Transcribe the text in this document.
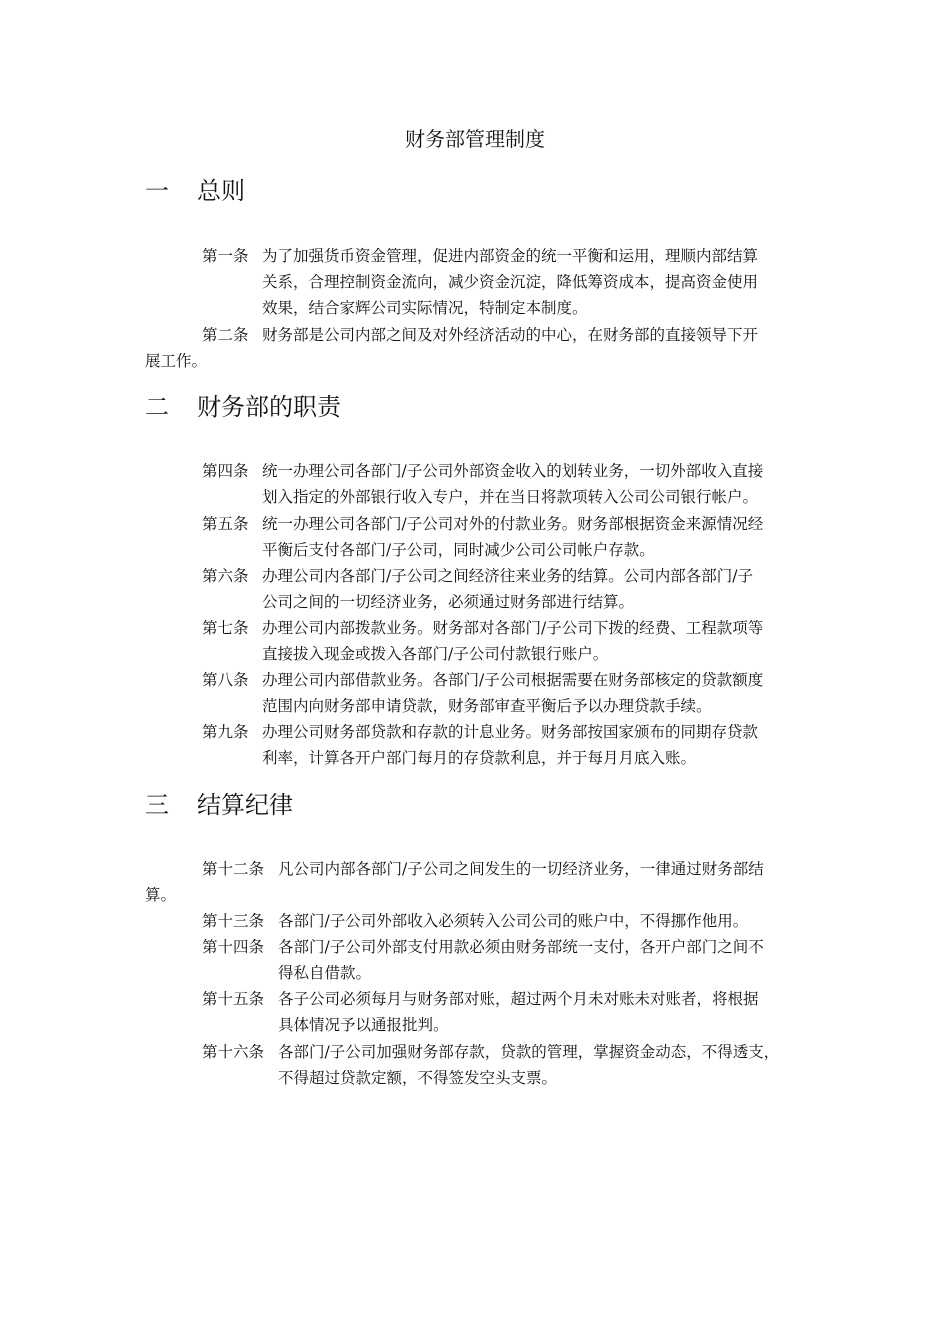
财务部管理制度
一 总则
第一条 为了加强货币资金管理，促进内部资金的统一平衡和运用，理顺内部结算
关系，合理控制资金流向，减少资金沉淀，降低筹资成本，提高资金使用
效果，结合家辉公司实际情况，特制定本制度。
第二条 财务部是公司内部之间及对外经济活动的中心，在财务部的直接领导下开
展工作。
二 财务部的职责
第四条 统一办理公司各部门/子公司外部资金收入的划转业务，一切外部收入直接
划入指定的外部银行收入专户，并在当日将款项转入公司公司银行帐户。
第五条 统一办理公司各部门/子公司对外的付款业务。财务部根据资金来源情况经
平衡后支付各部门/子公司，同时减少公司公司帐户存款。
第六条 办理公司内各部门/子公司之间经济往来业务的结算。公司内部各部门/子
公司之间的一切经济业务，必须通过财务部进行结算。
第七条 办理公司内部拨款业务。财务部对各部门/子公司下拨的经费、工程款项等
直接拔入现金或拨入各部门/子公司付款银行账户。
第八条 办理公司内部借款业务。各部门/子公司根据需要在财务部核定的贷款额度
范围内向财务部申请贷款，财务部审查平衡后予以办理贷款手续。
第九条 办理公司财务部贷款和存款的计息业务。财务部按国家颁布的同期存贷款
利率，计算各开户部门每月的存贷款利息，并于每月月底入账。
三 结算纪律
第十二条 凡公司内部各部门/子公司之间发生的一切经济业务，一律通过财务部结
算。
第十三条 各部门/子公司外部收入必须转入公司公司的账户中，不得挪作他用。
第十四条 各部门/子公司外部支付用款必须由财务部统一支付，各开户部门之间不
得私自借款。
第十五条 各子公司必须每月与财务部对账，超过两个月未对账未对账者，将根据
具体情况予以通报批判。
第十六条 各部门/子公司加强财务部存款，贷款的管理，掌握资金动态，不得透支，
不得超过贷款定额，不得签发空头支票。
